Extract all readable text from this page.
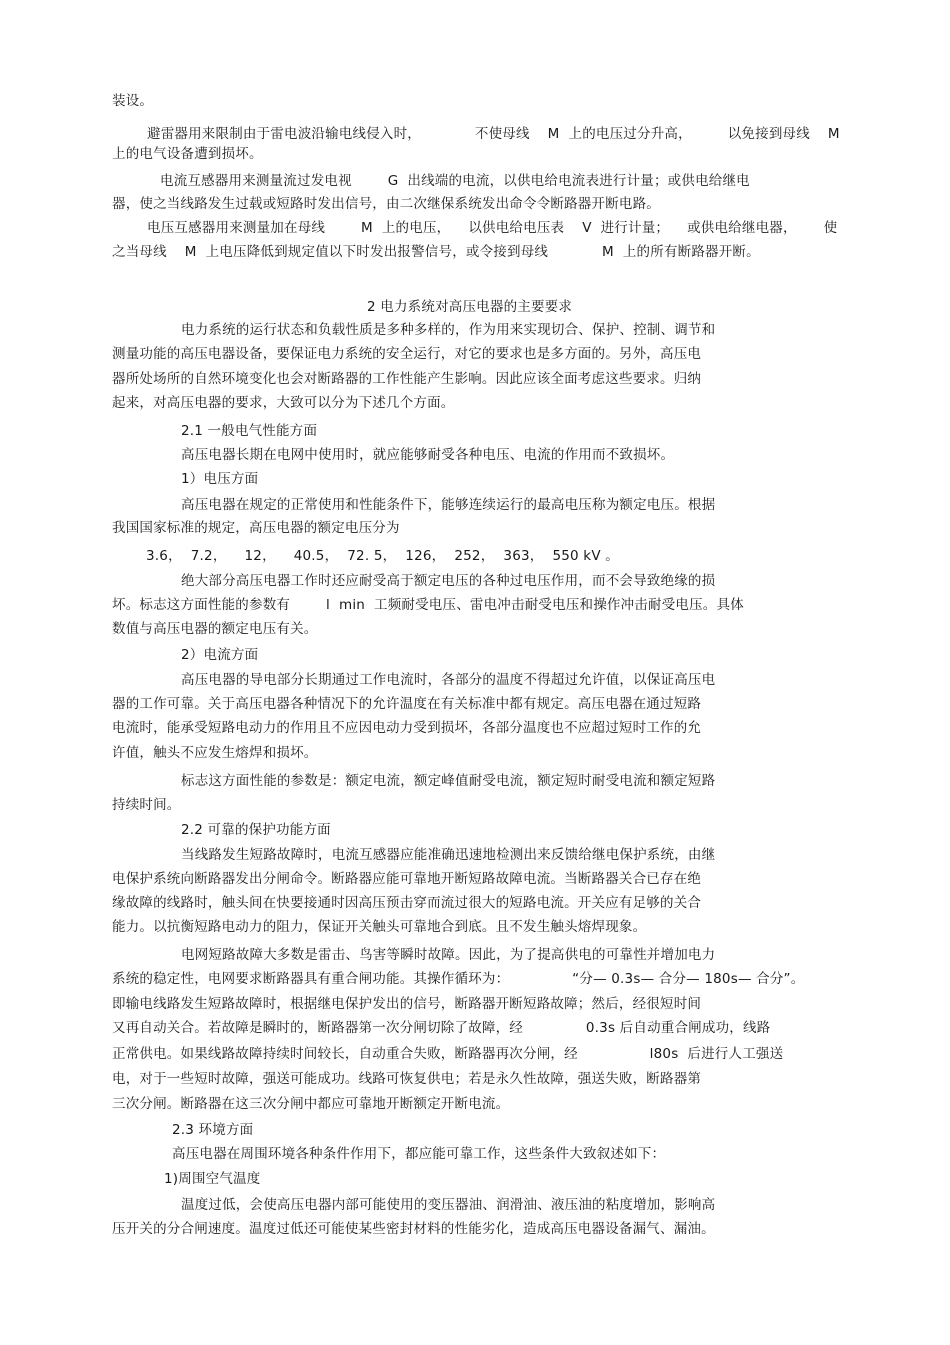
装设。
避雷器用来限制由于雷电波沿输电线侵入时，            不使母线    M  上的电压过分升高，        以免接到母线    M
上的电气设备遭到损坏。
电流互感器用来测量流过发电视        G  出线端的电流，以供电给电流表进行计量；或供电给继电
器，使之当线路发生过载或短路时发出信号，由二次继保系统发出命令令断路器开断电路。
电压互感器用来测量加在母线        M  上的电压，    以供电给电压表    V  进行计量；    或供电给继电器，      使
之当母线    M  上电压降低到规定值以下时发出报警信号，或令接到母线            M  上的所有断路器开断。
2 电力系统对高压电器的主要要求
电力系统的运行状态和负载性质是多种多样的，作为用来实现切合、保护、控制、调节和
测量功能的高压电器设备，要保证电力系统的安全运行，对它的要求也是多方面的。另外，高压电
器所处场所的自然环境变化也会对断路器的工作性能产生影响。因此应该全面考虑这些要求。归纳
起来，对高压电器的要求，大致可以分为下述几个方面。
2.1 一般电气性能方面
高压电器长期在电网中使用时，就应能够耐受各种电压、电流的作用而不致损坏。
1）电压方面
高压电器在规定的正常使用和性能条件下，能够连续运行的最高电压称为额定电压。根据
我国国家标准的规定，高压电器的额定电压分为
3.6，  7.2，    12，    40.5，  72. 5，  126，  252，  363，  550 kV 。
绝大部分高压电器工作时还应耐受高于额定电压的各种过电压作用，而不会导致绝缘的损
坏。标志这方面性能的参数有        l  min  工频耐受电压、雷电冲击耐受电压和操作冲击耐受电压。具体
数值与高压电器的额定电压有关。
2）电流方面
高压电器的导电部分长期通过工作电流时，各部分的温度不得超过允许值，以保证高压电
器的工作可靠。关于高压电器各种情况下的允许温度在有关标准中都有规定。高压电器在通过短路
电流时，能承受短路电动力的作用且不应因电动力受到损坏，各部分温度也不应超过短时工作的允
许值，触头不应发生熔焊和损坏。
标志这方面性能的参数是：额定电流，额定峰值耐受电流，额定短时耐受电流和额定短路
持续时间。
2.2 可靠的保护功能方面
当线路发生短路故障时，电流互感器应能准确迅速地检测出来反馈给继电保护系统，由继
电保护系统向断路器发出分闸命令。断路器应能可靠地开断短路故障电流。当断路器关合已存在绝
缘故障的线路时，触头间在快要接通时因高压预击穿而流过很大的短路电流。开关应有足够的关合
能力。以抗衡短路电动力的阻力，保证开关触头可靠地合到底。且不发生触头熔焊现象。
电网短路故障大多数是雷击、鸟害等瞬时故障。因此，为了提高供电的可靠性并增加电力
系统的稳定性，电网要求断路器具有重合闸功能。其操作循环为：              “分— 0.3s— 合分— 180s— 合分”。
即输电线路发生短路故障时，根据继电保护发出的信号，断路器开断短路故障；然后，经很短时间
又再自动关合。若故障是瞬时的，断路器第一次分闸切除了故障，经              0.3s 后自动重合闸成功，线路
正常供电。如果线路故障持续时间较长，自动重合失败，断路器再次分闸，经                l80s  后进行人工强送
电，对于一些短时故障，强送可能成功。线路可恢复供电；若是永久性故障，强送失败，断路器第
三次分闸。断路器在这三次分闸中都应可靠地开断额定开断电流。
2.3 环境方面
高压电器在周围环境各种条件作用下，都应能可靠工作，这些条件大致叙述如下：
1)周围空气温度
温度过低，会使高压电器内部可能使用的变压器油、润滑油、液压油的粘度增加，影响高
压开关的分合闸速度。温度过低还可能使某些密封材料的性能劣化，造成高压电器设备漏气、漏油。
